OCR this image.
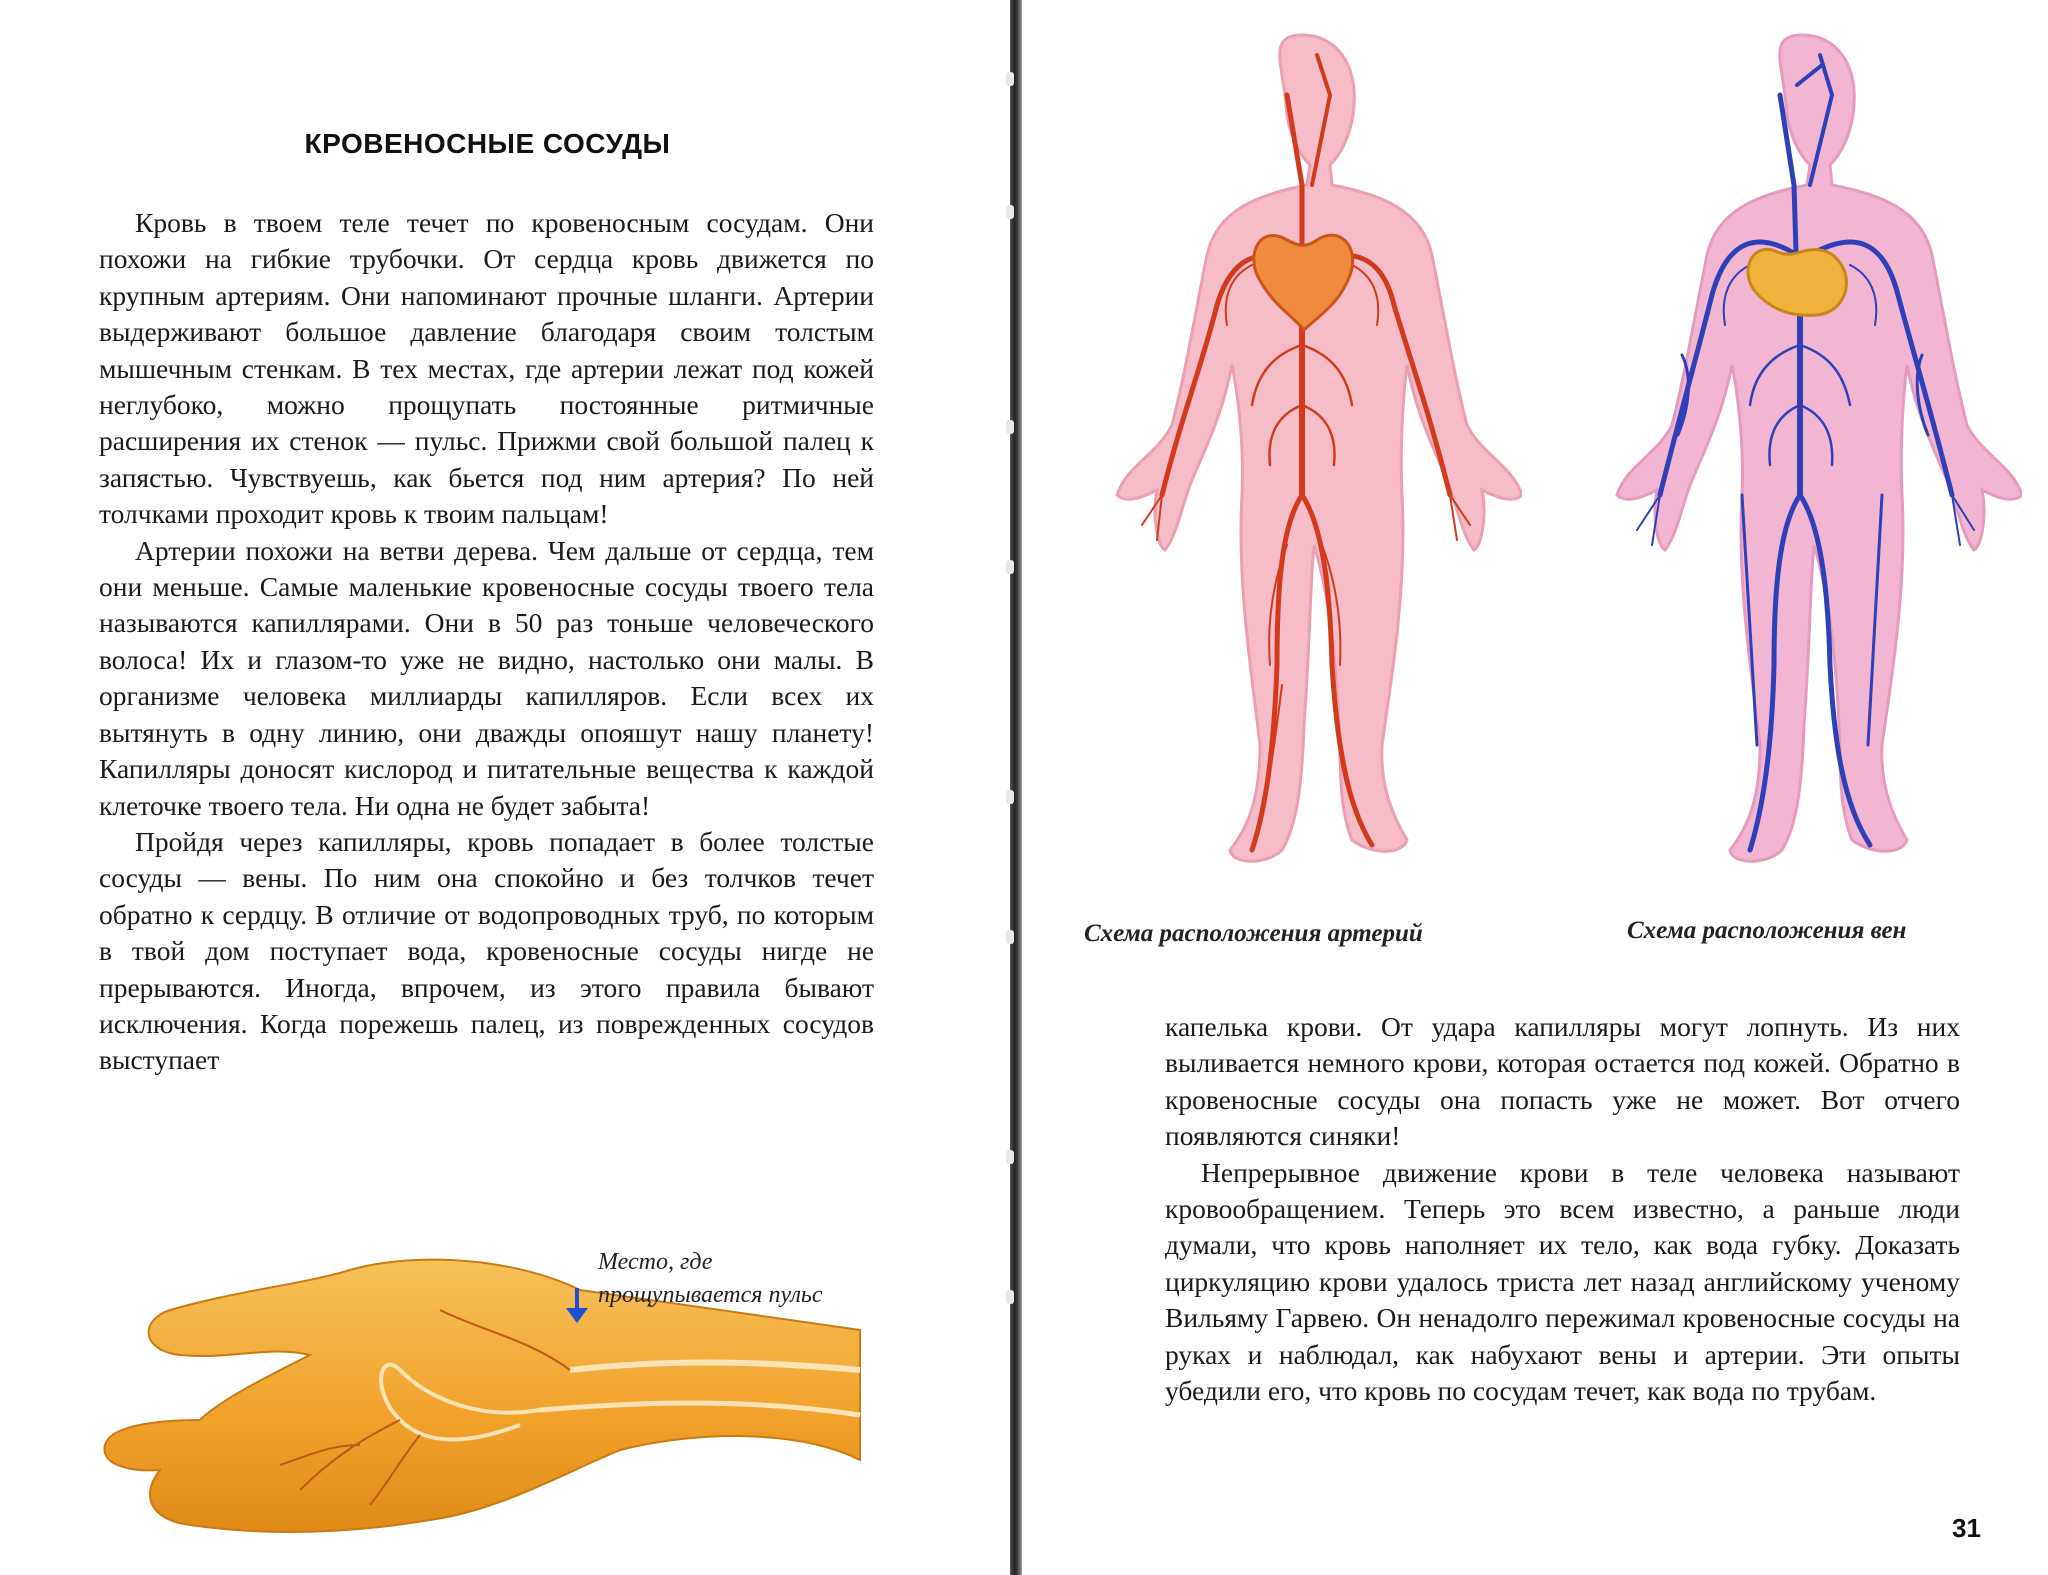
КРОВЕНОСНЫЕ СОСУДЫ

Кровь в твоем теле течет по кровеносным сосудам. Они похожи на гибкие трубочки. От сердца кровь движется по крупным артериям. Они напоминают прочные шланги. Артерии выдерживают большое давление благодаря своим толстым мышечным стенкам. В тех местах, где артерии лежат под кожей неглубоко, можно прощупать постоянные ритмичные расширения их стенок — пульс. Прижми свой большой палец к запястью. Чувствуешь, как бьется под ним артерия? По ней толчками проходит кровь к твоим пальцам!

Артерии похожи на ветви дерева. Чем дальше от сердца, тем они меньше. Самые маленькие кровеносные сосуды твоего тела называются капиллярами. Они в 50 раз тоньше человеческого волоса! Их и глазом-то уже не видно, настолько они малы. В организме человека миллиарды капилляров. Если всех их вытянуть в одну линию, они дважды опояшут нашу планету! Капилляры доносят кислород и питательные вещества к каждой клеточке твоего тела. Ни одна не будет забыта!

Пройдя через капилляры, кровь попадает в более толстые сосуды — вены. По ним она спокойно и без толчков течет обратно к сердцу. В отличие от водопроводных труб, по которым в твой дом поступает вода, кровеносные сосуды нигде не прерываются. Иногда, впрочем, из этого правила бывают исключения. Когда порежешь палец, из поврежденных сосудов выступает

Место, где
прощупывается пульс
Схема расположения артерий	Схема расположения вен

капелька крови. От удара капилляры могут лопнуть. Из них выливается немного крови, которая остается под кожей. Обратно в кровеносные сосуды она попасть уже не может. Вот отчего появляются синяки!

Непрерывное движение крови в теле человека называют кровообращением. Теперь это всем известно, а раньше люди думали, что кровь наполняет их тело, как вода губку. Доказать циркуляцию крови удалось триста лет назад английскому ученому Вильяму Гарвею. Он ненадолго пережимал кровеносные сосуды на руках и наблюдал, как набухают вены и артерии. Эти опыты убедили его, что кровь по сосудам течет, как вода по трубам.

31
